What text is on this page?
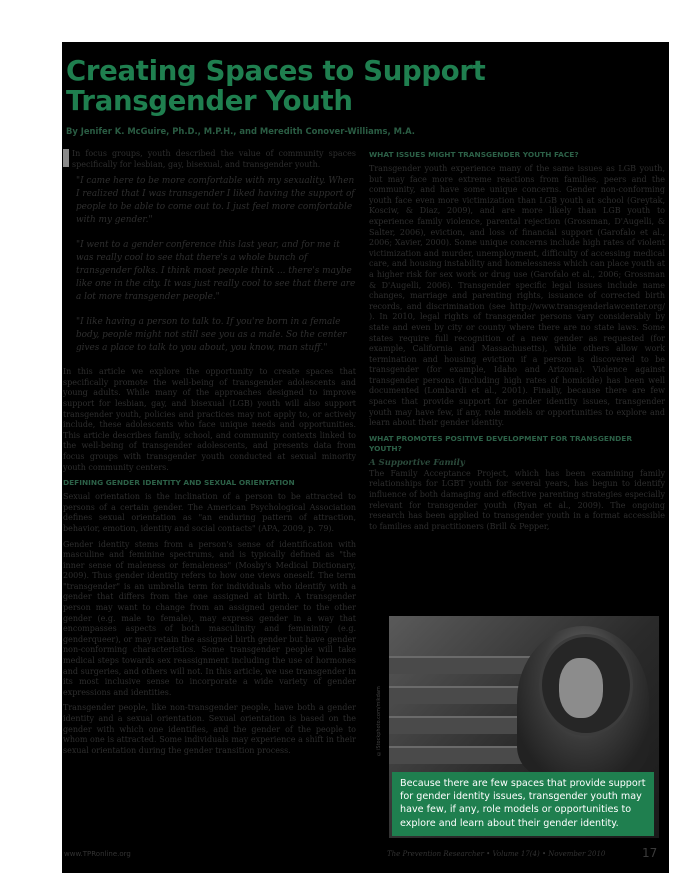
Creating Spaces to Support
Transgender Youth
By Jenifer K. McGuire, Ph.D., M.P.H., and Meredith Conover-Williams, M.A.

In focus groups, youth described the value of community spaces specifically for lesbian, gay, bisexual, and transgender youth.

"I came here to be more comfortable with my sexuality. When I realized that I was transgender I liked having the support of people to be able to come out to. I just feel more comfortable with my gender."

"I went to a gender conference this last year, and for me it was really cool to see that there's a whole bunch of transgender folks. I think most people think ... there's maybe like one in the city. It was just really cool to see that there are a lot more transgender people."

"I like having a person to talk to. If you're born in a female body, people might not still see you as a male. So the center gives a place to talk to you about, you know, man stuff."

In this article we explore the opportunity to create spaces that specifically promote the well-being of transgender adolescents and young adults. While many of the approaches designed to improve support for lesbian, gay, and bisexual (LGB) youth will also support transgender youth, policies and practices may not apply to, or actively include, these adolescents who face unique needs and opportunities. This article describes family, school, and community contexts linked to the well-being of transgender adolescents, and presents data from focus groups with transgender youth conducted at sexual minority youth community centers.

DEFINING GENDER IDENTITY AND SEXUAL ORIENTATION

Sexual orientation is the inclination of a person to be attracted to persons of a certain gender. The American Psychological Association defines sexual orientation as "an enduring pattern of attraction, behavior, emotion, identity and social contacts" (APA, 2009, p. 79).

Gender identity stems from a person's sense of identification with masculine and feminine spectrums, and is typically defined as "the inner sense of maleness or femaleness" (Mosby's Medical Dictionary, 2009). Thus gender identity refers to how one views oneself. The term "transgender" is an umbrella term for individuals who identify with a gender that differs from the one assigned at birth. A transgender person may want to change from an assigned gender to the other gender (e.g. male to female), may express gender in a way that encompasses aspects of both masculinity and femininity (e.g. genderqueer), or may retain the assigned birth gender but have gender non-conforming characteristics. Some transgender people will take medical steps towards sex reassignment including the use of hormones and surgeries, and others will not. In this article, we use transgender in its most inclusive sense to incorporate a wide variety of gender expressions and identities.

Transgender people, like non-transgender people, have both a gender identity and a sexual orientation. Sexual orientation is based on the gender with which one identifies, and the gender of the people to whom one is attracted. Some individuals may experience a shift in their sexual orientation during the gender transition process.

WHAT ISSUES MIGHT TRANSGENDER YOUTH FACE?

Transgender youth experience many of the same issues as LGB youth, but may face more extreme reactions from families, peers and the community, and have some unique concerns. Gender non-conforming youth face even more victimization than LGB youth at school (Greytak, Kosciw, & Diaz, 2009), and are more likely than LGB youth to experience family violence, parental rejection (Grossman, D'Augelli, & Salter, 2006), eviction, and loss of financial support (Garofalo et al., 2006; Xavier, 2000). Some unique concerns include high rates of violent victimization and murder, unemployment, difficulty of accessing medical care, and housing instability and homelessness which can place youth at a higher risk for sex work or drug use (Garofalo et al., 2006; Grossman & D'Augelli, 2006). Transgender specific legal issues include name changes, marriage and parenting rights, issuance of corrected birth records, and discrimination (see http://www.transgenderlawcenter.org/ ). In 2010, legal rights of transgender persons vary considerably by state and even by city or county where there are no state laws. Some states require full recognition of a new gender as requested (for example, California and Massachusetts), while others allow work termination and housing eviction if a person is discovered to be transgender (for example, Idaho and Arizona). Violence against transgender persons (including high rates of homicide) has been well documented (Lombardi et al., 2001). Finally, because there are few spaces that provide support for gender identity issues, transgender youth may have few, if any, role models or opportunities to explore and learn about their gender identity.

WHAT PROMOTES POSITIVE DEVELOPMENT FOR TRANSGENDER YOUTH?
A Supportive Family

The Family Acceptance Project, which has been examining family relationships for LGBT youth for several years, has begun to identify influence of both damaging and effective parenting strategies especially relevant for transgender youth (Ryan et al., 2009). The ongoing research has been applied to transgender youth in a format accessible to families and practitioners (Brill & Pepper,

©iStockphoto.com/mikdam
Because there are few spaces that provide support for gender identity issues, transgender youth may have few, if any, role models or opportunities to explore and learn about their gender identity.
www.TPRonline.org	The Prevention Researcher • Volume 17(4) • November 2010	17
